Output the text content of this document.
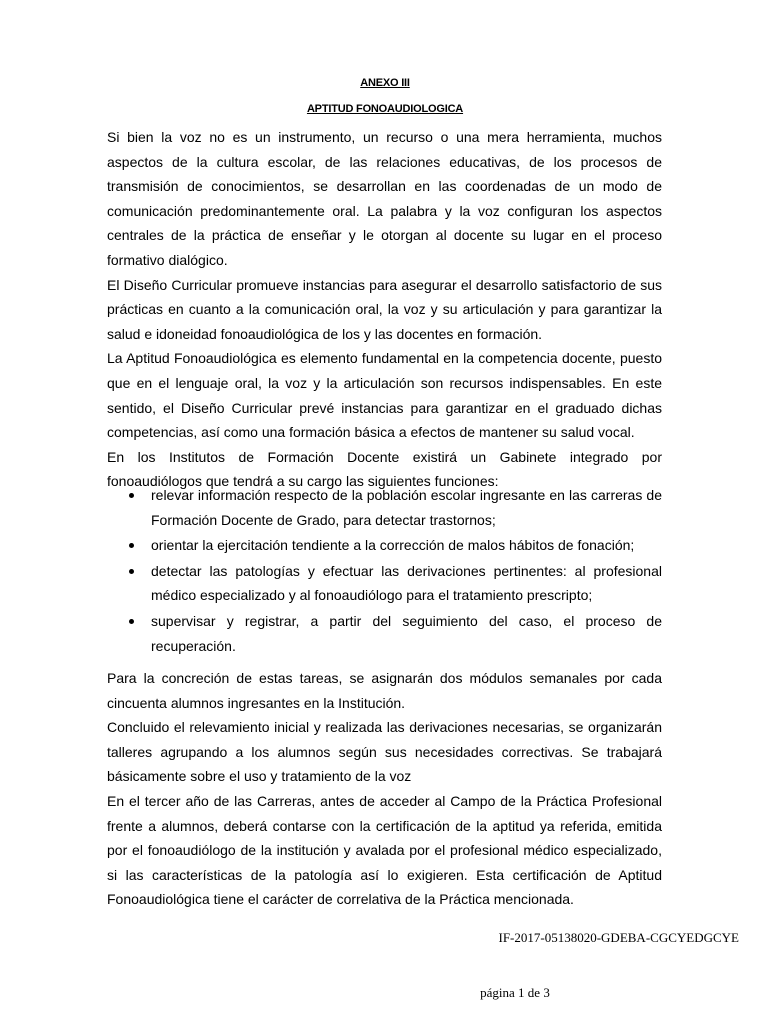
ANEXO III
APTITUD FONOAUDIOLOGICA

Si bien la voz no es un instrumento, un recurso o una mera herramienta, muchos aspectos de la cultura escolar, de las relaciones educativas, de los procesos de transmisión de conocimientos, se desarrollan en las coordenadas de un modo de comunicación predominantemente oral. La palabra y la voz configuran los aspectos centrales de la práctica de enseñar y le otorgan al docente su lugar en el proceso formativo dialógico.

El Diseño Curricular promueve instancias para asegurar el desarrollo satisfactorio de sus prácticas en cuanto a la comunicación oral, la voz y su articulación y para garantizar la salud e idoneidad fonoaudiológica de los y las docentes en formación.

La Aptitud Fonoaudiológica es elemento fundamental en la competencia docente, puesto que en el lenguaje oral, la voz y la articulación son recursos indispensables. En este sentido, el Diseño Curricular prevé instancias para garantizar en el graduado dichas competencias, así como una formación básica a efectos de mantener su salud vocal.

En los Institutos de Formación Docente existirá un Gabinete integrado por fonoaudiólogos que tendrá a su cargo las siguientes funciones:

relevar información respecto de la población escolar ingresante en las carreras de Formación Docente de Grado, para detectar trastornos;
orientar la ejercitación tendiente a la corrección de malos hábitos de fonación;
detectar las patologías y efectuar las derivaciones pertinentes: al profesional médico especializado y al fonoaudiólogo para el tratamiento prescripto;
supervisar y registrar, a partir del seguimiento del caso, el proceso de recuperación.

Para la concreción de estas tareas, se asignarán dos módulos semanales por cada cincuenta alumnos ingresantes en la Institución.

Concluido el relevamiento inicial y realizada las derivaciones necesarias, se organizarán talleres agrupando a los alumnos según sus necesidades correctivas. Se trabajará básicamente sobre el uso y tratamiento de la voz

En el tercer año de las Carreras, antes de acceder al Campo de la Práctica Profesional frente a alumnos, deberá contarse con la certificación de la aptitud ya referida, emitida por el fonoaudiólogo de la institución y avalada por el profesional médico especializado, si las características de la patología así lo exigieren. Esta certificación de Aptitud Fonoaudiológica tiene el carácter de correlativa de la Práctica mencionada.

IF-2017-05138020-GDEBA-CGCYEDGCYE
página 1 de 3
